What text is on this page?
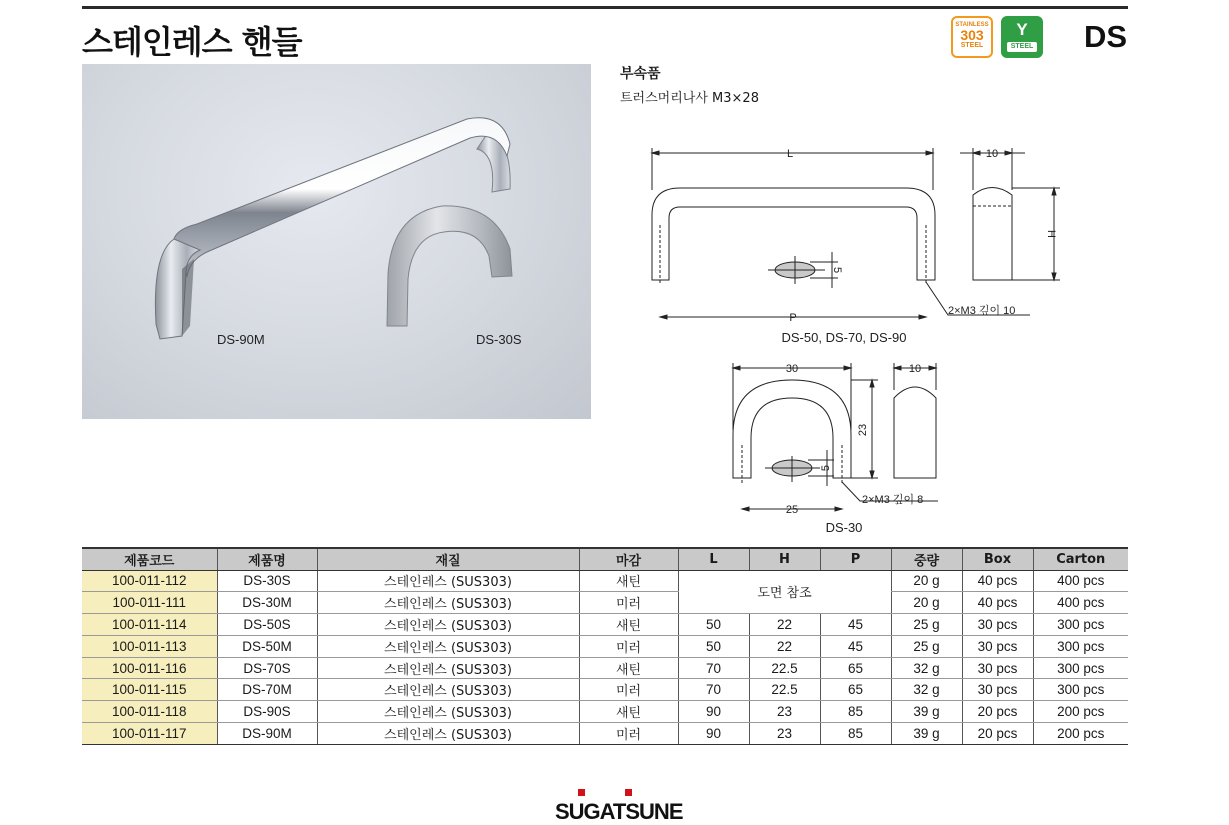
스테인레스 핸들	STAINLESS
303
STEEL
Y
STEEL DS
DS-90M	DS-30S
부속품
트러스머리나사 M3×28
L	10
H
5
P
2×M3 깊이 10
DS-50, DS-70, DS-90
30	10
23
5
25
2×M3 깊이 8
DS-30
제품코드	제품명	재질	마감	L	H	P	중량	Box	Carton
100-011-112	DS-30S	스테인레스 (SUS303)	새틴	도면 참조			20 g	40 pcs	400 pcs
100-011-111	DS-30M	스테인레스 (SUS303)	미러				20 g	40 pcs	400 pcs
100-011-114	DS-50S	스테인레스 (SUS303)	새틴	50	22	45	25 g	30 pcs	300 pcs
100-011-113	DS-50M	스테인레스 (SUS303)	미러	50	22	45	25 g	30 pcs	300 pcs
100-011-116	DS-70S	스테인레스 (SUS303)	새틴	70	22.5	65	32 g	30 pcs	300 pcs
100-011-115	DS-70M	스테인레스 (SUS303)	미러	70	22.5	65	32 g	30 pcs	300 pcs
100-011-118	DS-90S	스테인레스 (SUS303)	새틴	90	23	85	39 g	20 pcs	200 pcs
100-011-117	DS-90M	스테인레스 (SUS303)	미러	90	23	85	39 g	20 pcs	200 pcs
SUGATSUNE
